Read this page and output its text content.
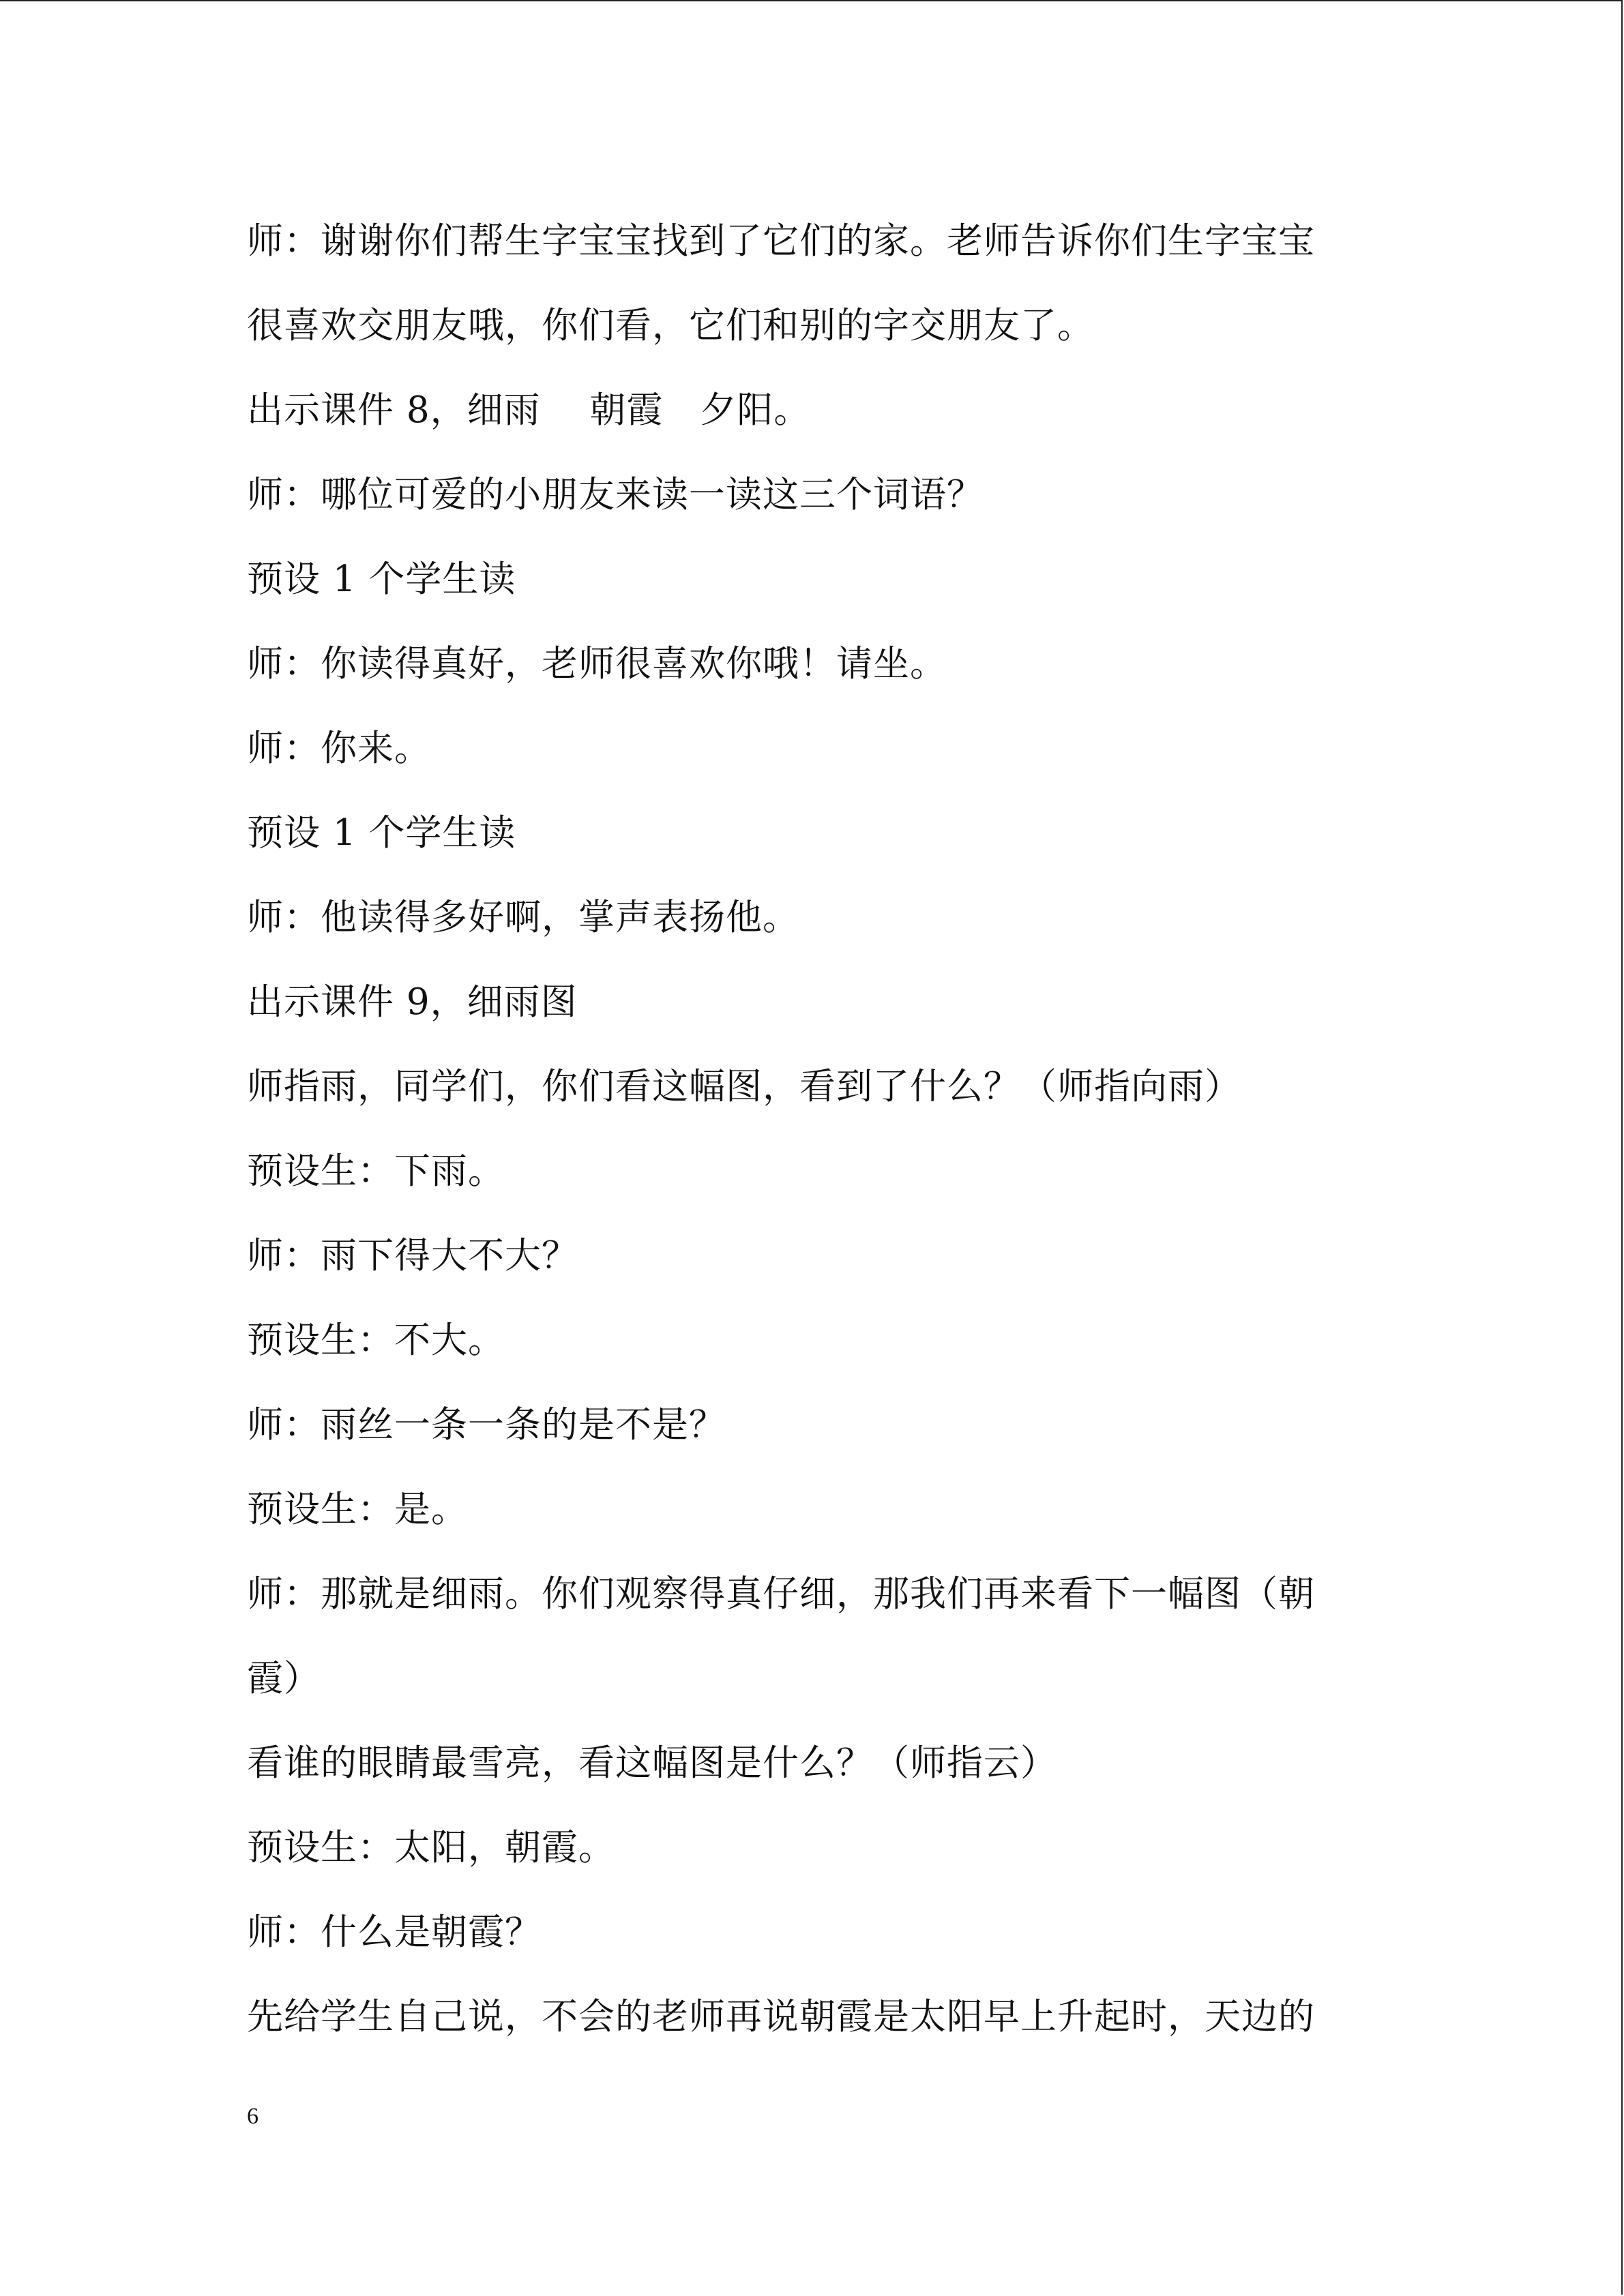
师：谢谢你们帮生字宝宝找到了它们的家。老师告诉你们生字宝宝
很喜欢交朋友哦，你们看，它们和别的字交朋友了。
出示课件 8，细雨　 朝霞　夕阳。
师：哪位可爱的小朋友来读一读这三个词语？
预设 1 个学生读
师：你读得真好，老师很喜欢你哦！请坐。
师：你来。
预设 1 个学生读
师：他读得多好啊，掌声表扬他。
出示课件 9，细雨图
师指雨，同学们，你们看这幅图，看到了什么？（师指向雨）
预设生：下雨。
师：雨下得大不大？
预设生：不大。
师：雨丝一条一条的是不是？
预设生：是。
师：那就是细雨。你们观察得真仔细，那我们再来看下一幅图（朝
霞）
看谁的眼睛最雪亮，看这幅图是什么？（师指云）
预设生：太阳，朝霞。
师：什么是朝霞？
先给学生自己说，不会的老师再说朝霞是太阳早上升起时，天边的
6
